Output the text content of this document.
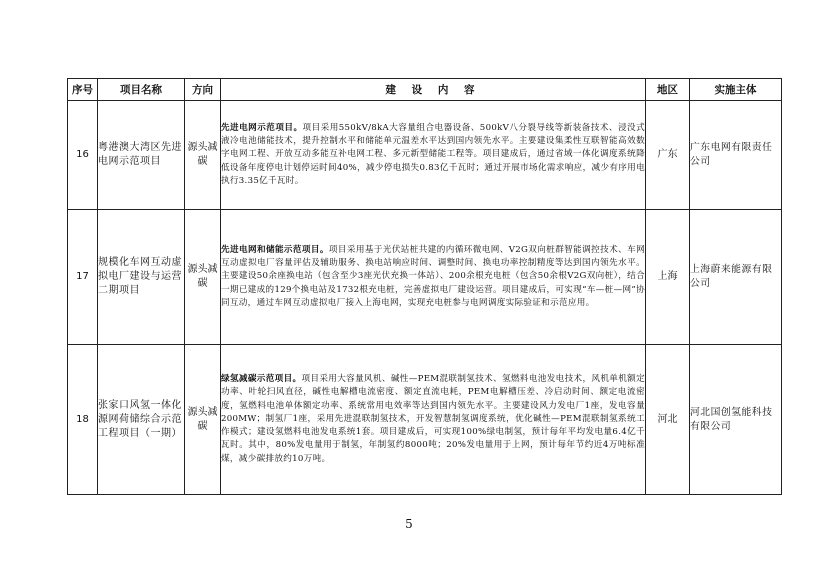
序号	项目名称	方向	建 设 内 容	地区	实施主体
16	粤港澳大湾区先进电网示范项目	源头减碳	先进电网示范项目。项目采用550kV/8kA大容量组合电器设备、500kV八分裂导线等新装备技术、浸没式液冷电池储能技术，提升控制水平和储能单元温差水平达到国内领先水平。主要建设集柔性互联智能高效数字电网工程、开放互动多能互补电网工程、多元新型储能工程等。项目建成后，通过省域一体化调度系统降低设备年度停电计划停运时间40%，减少停电损失0.83亿千瓦时；通过开展市场化需求响应，减少有序用电执行3.35亿千瓦时。	广东	广东电网有限责任公司
17	规模化车网互动虚拟电厂建设与运营二期项目	源头减碳	先进电网和储能示范项目。项目采用基于光伏站桩共建的内循环微电网、V2G双向桩群智能调控技术、车网互动虚拟电厂容量评估及辅助服务、换电站响应时间、调整时间、换电功率控制精度等达到国内领先水平。主要建设50余座换电站（包含至少3座光伏充换一体站）、200余根充电桩（包含50余根V2G双向桩），结合一期已建成的129个换电站及1732根充电桩，完善虚拟电厂建设运营。项目建成后，可实现“车—桩—网”协同互动，通过车网互动虚拟电厂接入上海电网，实现充电桩参与电网调度实际验证和示范应用。	上海	上海蔚来能源有限公司
18	张家口风氢一体化源网荷储综合示范工程项目（一期）	源头减碳	绿氢减碳示范项目。项目采用大容量风机、碱性—PEM混联制氢技术、氢燃料电池发电技术，风机单机额定功率、叶轮扫风直径，碱性电解槽电流密度、额定直流电耗，PEM电解槽压差、冷启动时间、额定电流密度，氢燃料电池单体额定功率、系统常用电效率等达到国内领先水平。主要建设风力发电厂1座，发电容量200MW；制氢厂1座，采用先进混联制氢技术，开发智慧制氢调度系统，优化碱性—PEM混联制氢系统工作模式；建设氢燃料电池发电系统1套。项目建成后，可实现100%绿电制氢，预计每年平均发电量6.4亿千瓦时。其中，80%发电量用于制氢，年制氢约8000吨；20%发电量用于上网，预计每年节约近4万吨标准煤，减少碳排放约10万吨。	河北	河北国创氢能科技有限公司
5
